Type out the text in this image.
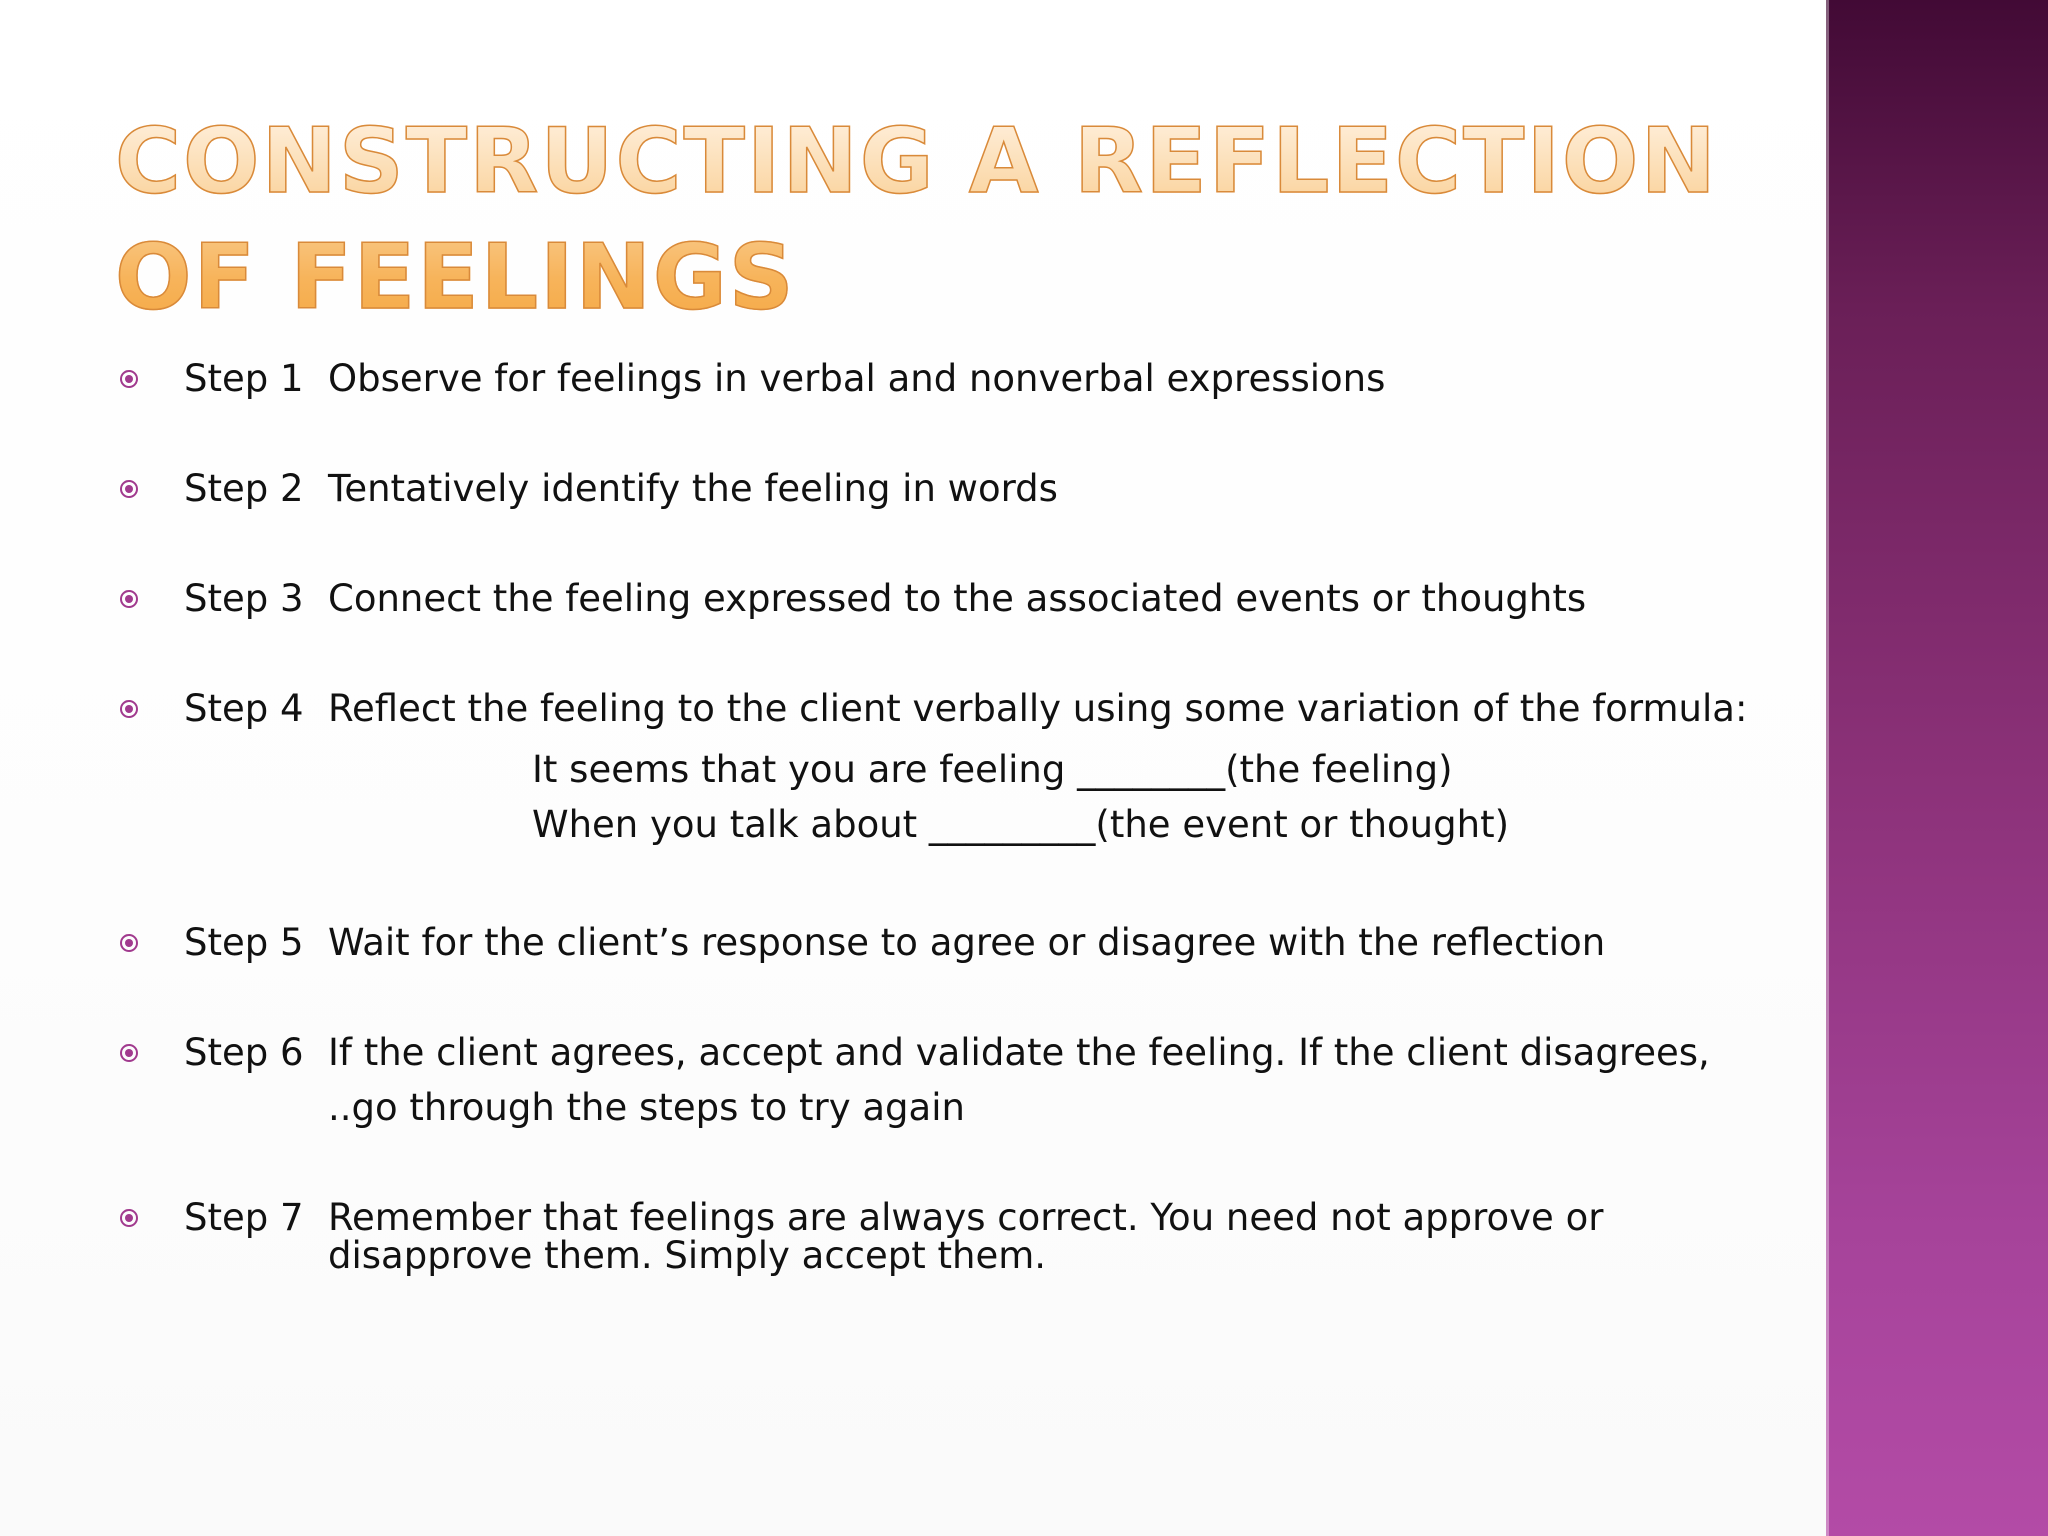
CONSTRUCTING A REFLECTION OF FEELINGS
Step 1 Observe for feelings in verbal and nonverbal expressions
Step 2 Tentatively identify the feeling in words
Step 3 Connect the feeling expressed to the associated events or thoughts
Step 4 Reflect the feeling to the client verbally using some variation of the formula:
It seems that you are feeling ________(the feeling)
When you talk about _________(the event or thought)
Step 5 Wait for the client’s response to agree or disagree with the reflection
Step 6 If the client agrees, accept and validate the feeling. If the client disagrees,
..go through the steps to try again
Step 7 Remember that feelings are always correct. You need not approve or disapprove them. Simply accept them.
